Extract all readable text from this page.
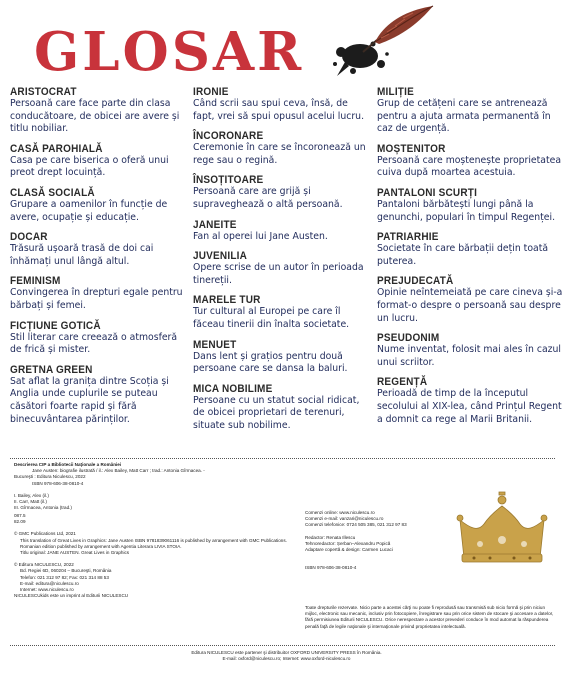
GLOSAR
ARISTOCRAT
Persoană care face parte din clasa conducătoare, de obicei are avere și titlu nobiliar.
CASĂ PAROHIALĂ
Casa pe care biserica o oferă unui preot drept locuință.
CLASĂ SOCIALĂ
Grupare a oamenilor în funcție de avere, ocupație și educație.
DOCAR
Trăsură ușoară trasă de doi cai înhămați unul lângă altul.
FEMINISM
Convingerea în drepturi egale pentru bărbați și femei.
FICȚIUNE GOTICĂ
Stil literar care creează o atmosferă de frică și mister.
GRETNA GREEN
Sat aflat la granița dintre Scoția și Anglia unde cuplurile se puteau căsători foarte rapid și fără binecuvântarea părinților.
IRONIE
Când scrii sau spui ceva, însă, de fapt, vrei să spui opusul acelui lucru.
ÎNCORONARE
Ceremonie în care se încoronează un rege sau o regină.
ÎNSOȚITOARE
Persoană care are grijă și supraveghează o altă persoană.
JANEITE
Fan al operei lui Jane Austen.
JUVENILIA
Opere scrise de un autor în perioada tinereții.
MARELE TUR
Tur cultural al Europei pe care îl făceau tinerii din înalta societate.
MENUET
Dans lent și grațios pentru două persoane care se dansa la baluri.
MICA NOBILIME
Persoane cu un statut social ridicat, de obicei proprietari de terenuri, situate sub nobilime.
MILIȚIE
Grup de cetățeni care se antrenează pentru a ajuta armata permanentă în caz de urgență.
MOȘTENITOR
Persoană care moștenește proprietatea cuiva după moartea acestuia.
PANTALONI SCURȚI
Pantaloni bărbătești lungi până la genunchi, populari în timpul Regenței.
PATRIARHIE
Societate în care bărbații dețin toată puterea.
PREJUDECATĂ
Opinie neîntemeiată pe care cineva și-a format-o despre o persoană sau despre un lucru.
PSEUDONIM
Nume inventat, folosit mai ales în cazul unui scriitor.
REGENȚĂ
Perioadă de timp de la începutul secolului al XIX-lea, când Prințul Regent a domnit ca rege al Marii Britanii.
Descrierea CIP a Bibliotecii Naţionale a României
Jane Austen: biografie ilustrată / il.: Alex Bailey, Matt Carr ; trad.: Antonia Gîrmacea. -
Bucureşti : Editura Niculescu, 2022
ISBN 978-606-38-0810-4
I. Bailey, Alex (il.)
II. Carr, Matt (il.)
III. Gîrmacea, Antonia (trad.)
087.5
82.09
© GMC Publications Ltd, 2021
This translation of Great Lives in Graphics: Jane Austen ISBN 9781839061116 is published by arrangement with GMC Publications. Romanian edition published by arrangement with Agentia Literara LIVIA STOIA.
Titlu original: JANE AUSTEN. Great Lives in Graphics
© Editura NICULESCU, 2022
Bd. Regiei 6D, 060204 – Bucureşti, România
Telefon: 021 312 97 82; Fax: 021 314 88 53
E-mail: editura@niculescu.ro
Internet: www.niculescu.ro
NICULESCUkids este un imprint al Editurii NICULESCU
Comenzi online: www.niculescu.ro
Comenzi e-mail: vanzari@niculescu.ro
Comenzi telefonice: 0724 505 385, 021 312 97 83
Redactor: Renata Illescu
Tehnoredactor: Șerban–Alexandru Popică
Adaptare copertă & design: Carmen Lucaci
ISBN 978-606-38-0810-4
Toate drepturile rezervate. Nicio parte a acestei cărţi nu poate fi reprodusă sau transmisă sub nicio formă şi prin niciun mijloc, electronic sau mecanic, inclusiv prin fotocopiere, înregistrare sau prin orice sistem de stocare şi accesare a datelor, fără permisiunea Editurii NICULESCU. Orice nerespectare a acestor prevederi conduce în mod automat la răspunderea penală faţă de legile naţionale şi internaţionale privind proprietatea intelectuală.
Editura NICULESCU este partener şi distribuitor OXFORD UNIVERSITY PRESS în România.
E-mail: oxford@niculescu.ro; Internet: www.oxford-niculescu.ro
